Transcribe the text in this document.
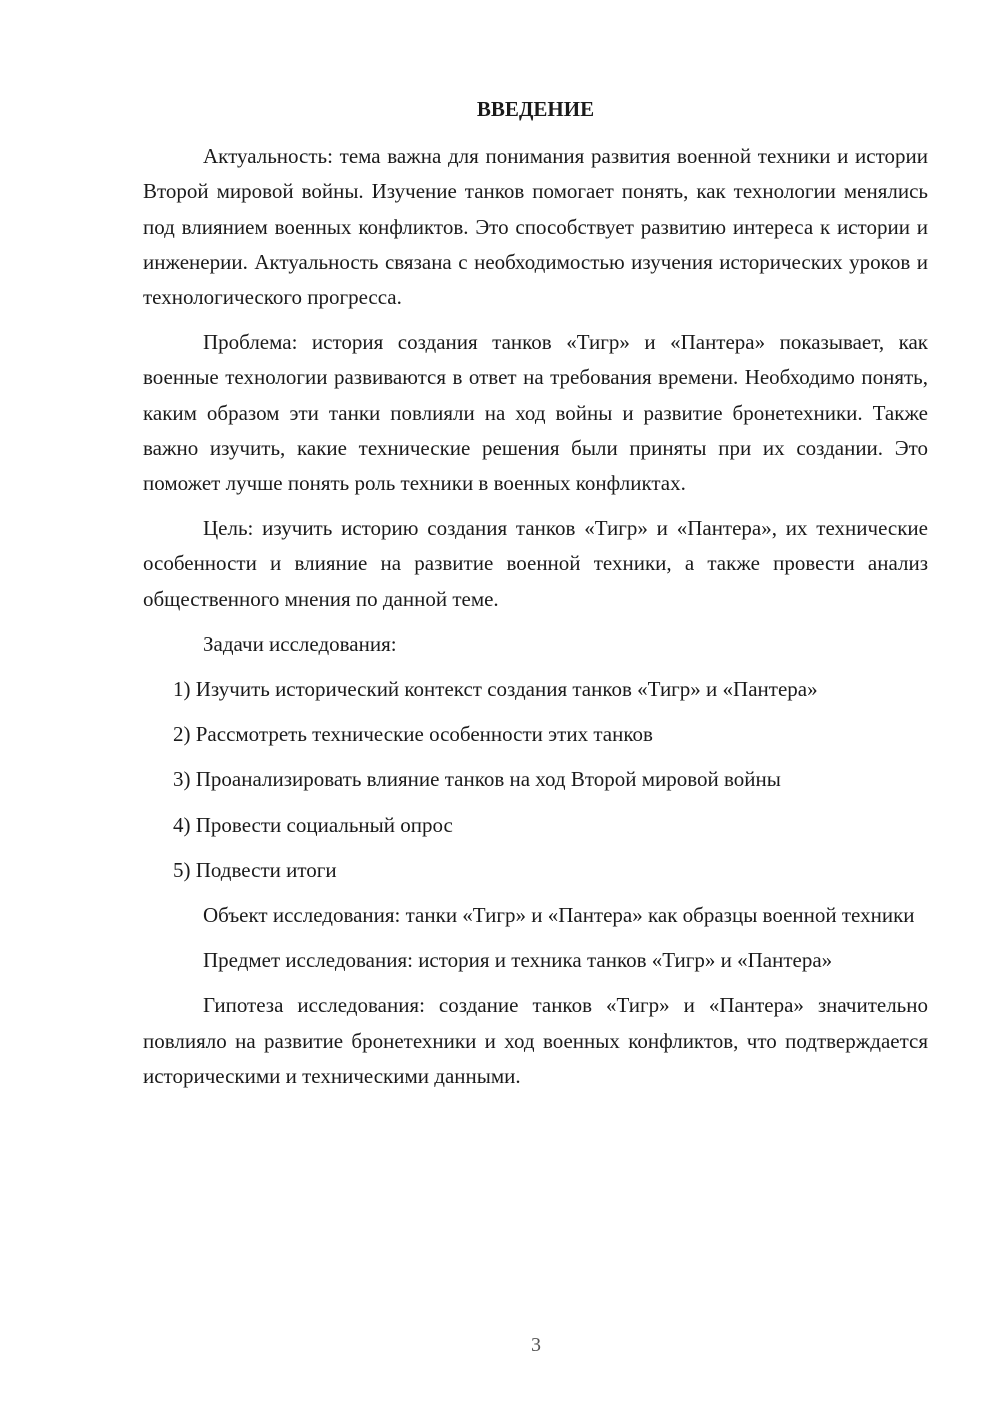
ВВЕДЕНИЕ

Актуальность: тема важна для понимания развития военной техники и истории Второй мировой войны. Изучение танков помогает понять, как технологии менялись под влиянием военных конфликтов. Это способствует развитию интереса к истории и инженерии. Актуальность связана с необходимостью изучения исторических уроков и технологического прогресса.

Проблема: история создания танков «Тигр» и «Пантера» показывает, как военные технологии развиваются в ответ на требования времени. Необходимо понять, каким образом эти танки повлияли на ход войны и развитие бронетехники. Также важно изучить, какие технические решения были приняты при их создании. Это поможет лучше понять роль техники в военных конфликтах.

Цель: изучить историю создания танков «Тигр» и «Пантера», их технические особенности и влияние на развитие военной техники, а также провести анализ общественного мнения по данной теме.

Задачи исследования:

1) Изучить исторический контекст создания танков «Тигр» и «Пантера»

2) Рассмотреть технические особенности этих танков

3) Проанализировать влияние танков на ход Второй мировой войны

4) Провести социальный опрос

5) Подвести итоги

Объект исследования: танки «Тигр» и «Пантера» как образцы военной техники

Предмет исследования: история и техника танков «Тигр» и «Пантера»

Гипотеза исследования: создание танков «Тигр» и «Пантера» значительно повлияло на развитие бронетехники и ход военных конфликтов, что подтверждается историческими и техническими данными.

3
